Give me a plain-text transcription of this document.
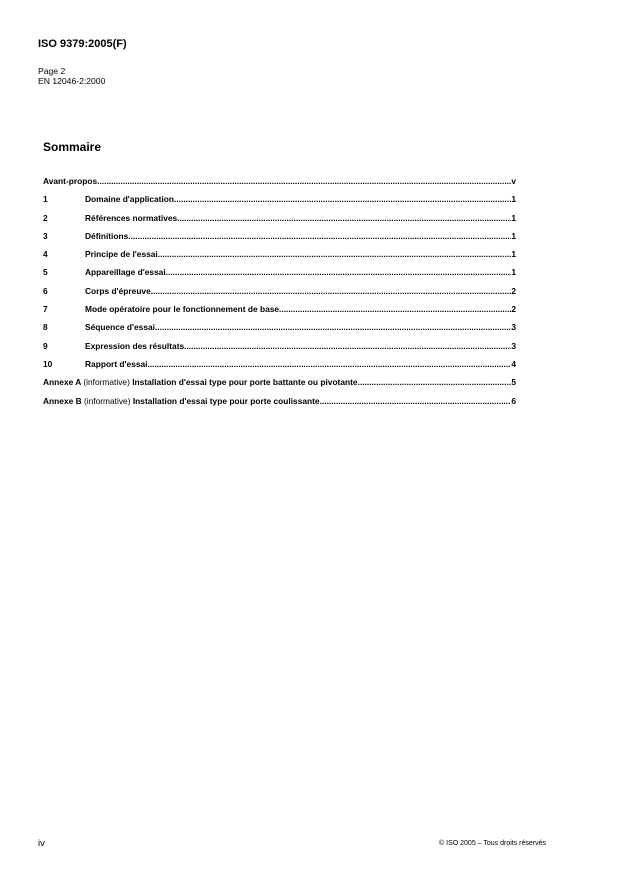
ISO 9379:2005(F)
Page 2
EN 12046-2:2000
Sommaire
Avant-propos .....	v
1	Domaine d'application .....	1
2	Références normatives .....	1
3	Définitions .....	1
4	Principe de l'essai .....	1
5	Appareillage d'essai .....	1
6	Corps d'épreuve .....	2
7	Mode opératoire pour le fonctionnement de base .....	2
8	Séquence d'essai .....	3
9	Expression des résultats .....	3
10	Rapport d'essai .....	4
Annexe A (informative) Installation d'essai type pour porte battante ou pivotante .....	5
Annexe B (informative) Installation d'essai type pour porte coulissante .....	6
iv	© ISO 2005 – Tous droits réservés
